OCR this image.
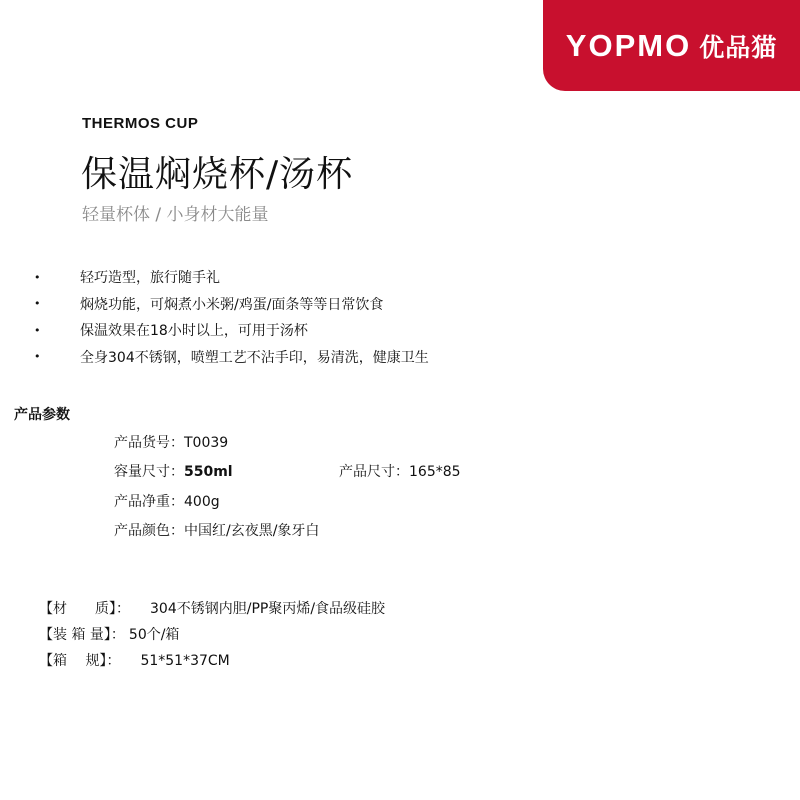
YOPMO 优品猫
THERMOS CUP
保温焖烧杯/汤杯
轻量杯体 / 小身材大能量
•	轻巧造型，旅行随手礼
•	焖烧功能，可焖煮小米粥/鸡蛋/面条等等日常饮食
•	保温效果在18小时以上，可用于汤杯
•	全身304不锈钢，喷塑工艺不沾手印，易清洗，健康卫生
产品参数
产品货号：T0039
容量尺寸：550ml	产品尺寸：165*85
产品净重：400g
产品颜色：中国红/玄夜黑/象牙白
【材　　质】： 304不锈钢内胆/PP聚丙烯/食品级硅胶
【装 箱 量】： 50个/箱
【箱　 规】： 51*51*37CM
